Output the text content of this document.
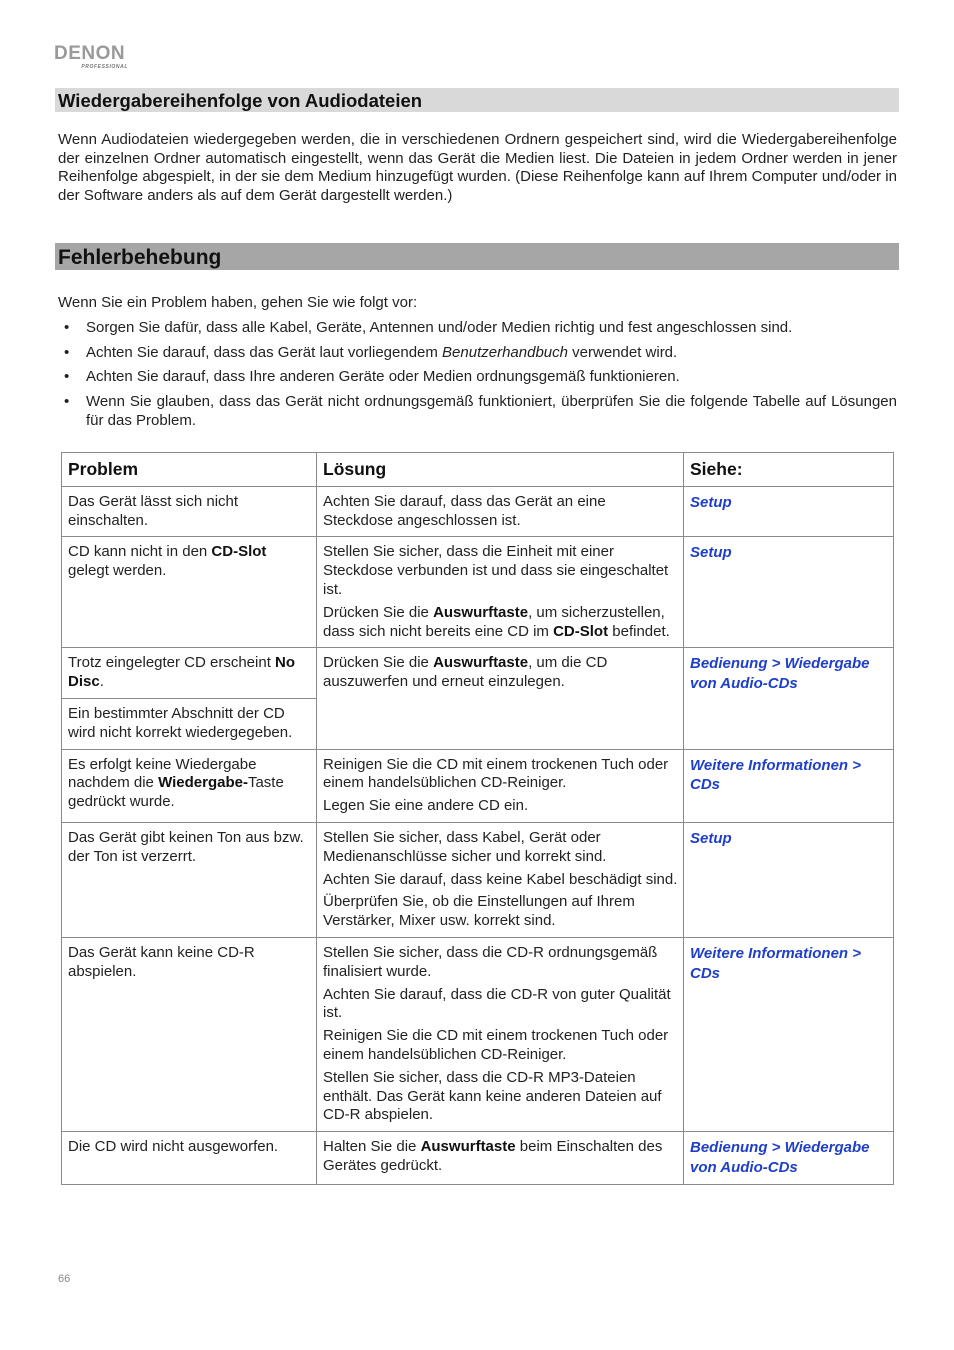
DENON
PROFESSIONAL
Wiedergabereihenfolge von Audiodateien

Wenn Audiodateien wiedergegeben werden, die in verschiedenen Ordnern gespeichert sind, wird die Wiedergabereihenfolge der einzelnen Ordner automatisch eingestellt, wenn das Gerät die Medien liest. Die Dateien in jedem Ordner werden in jener Reihenfolge abgespielt, in der sie dem Medium hinzugefügt wurden. (Diese Reihenfolge kann auf Ihrem Computer und/oder in der Software anders als auf dem Gerät dargestellt werden.)

Fehlerbehebung

Wenn Sie ein Problem haben, gehen Sie wie folgt vor:

• Sorgen Sie dafür, dass alle Kabel, Geräte, Antennen und/oder Medien richtig und fest angeschlossen sind.
• Achten Sie darauf, dass das Gerät laut vorliegendem Benutzerhandbuch verwendet wird.
• Achten Sie darauf, dass Ihre anderen Geräte oder Medien ordnungsgemäß funktionieren.
• Wenn Sie glauben, dass das Gerät nicht ordnungsgemäß funktioniert, überprüfen Sie die folgende Tabelle auf Lösungen für das Problem.
Problem	Lösung	Siehe:
Das Gerät lässt sich nicht einschalten.	Achten Sie darauf, dass das Gerät an eine Steckdose angeschlossen ist.	Setup
CD kann nicht in den CD-Slot gelegt werden.	Stellen Sie sicher, dass die Einheit mit einer Steckdose verbunden ist und dass sie eingeschaltet ist.

Drücken Sie die Auswurftaste, um sicherzustellen, dass sich nicht bereits eine CD im CD-Slot befindet.	Setup
Trotz eingelegter CD erscheint No Disc.	Drücken Sie die Auswurftaste, um die CD auszuwerfen und erneut einzulegen.	Bedienung > Wiedergabe von Audio-CDs
Ein bestimmter Abschnitt der CD wird nicht korrekt wiedergegeben.		
Es erfolgt keine Wiedergabe nachdem die Wiedergabe-Taste gedrückt wurde.	Reinigen Sie die CD mit einem trockenen Tuch oder einem handelsüblichen CD-Reiniger.

Legen Sie eine andere CD ein.	Weitere Informationen > CDs
Das Gerät gibt keinen Ton aus bzw. der Ton ist verzerrt.	Stellen Sie sicher, dass Kabel, Gerät oder Medienanschlüsse sicher und korrekt sind.

Achten Sie darauf, dass keine Kabel beschädigt sind.

Überprüfen Sie, ob die Einstellungen auf Ihrem Verstärker, Mixer usw. korrekt sind.	Setup
Das Gerät kann keine CD-R abspielen.	Stellen Sie sicher, dass die CD-R ordnungsgemäß finalisiert wurde.

Achten Sie darauf, dass die CD-R von guter Qualität ist.

Reinigen Sie die CD mit einem trockenen Tuch oder einem handelsüblichen CD-Reiniger.

Stellen Sie sicher, dass die CD-R MP3-Dateien enthält. Das Gerät kann keine anderen Dateien auf CD-R abspielen.	Weitere Informationen > CDs
Die CD wird nicht ausgeworfen.	Halten Sie die Auswurftaste beim Einschalten des Gerätes gedrückt.	Bedienung > Wiedergabe von Audio-CDs
66
